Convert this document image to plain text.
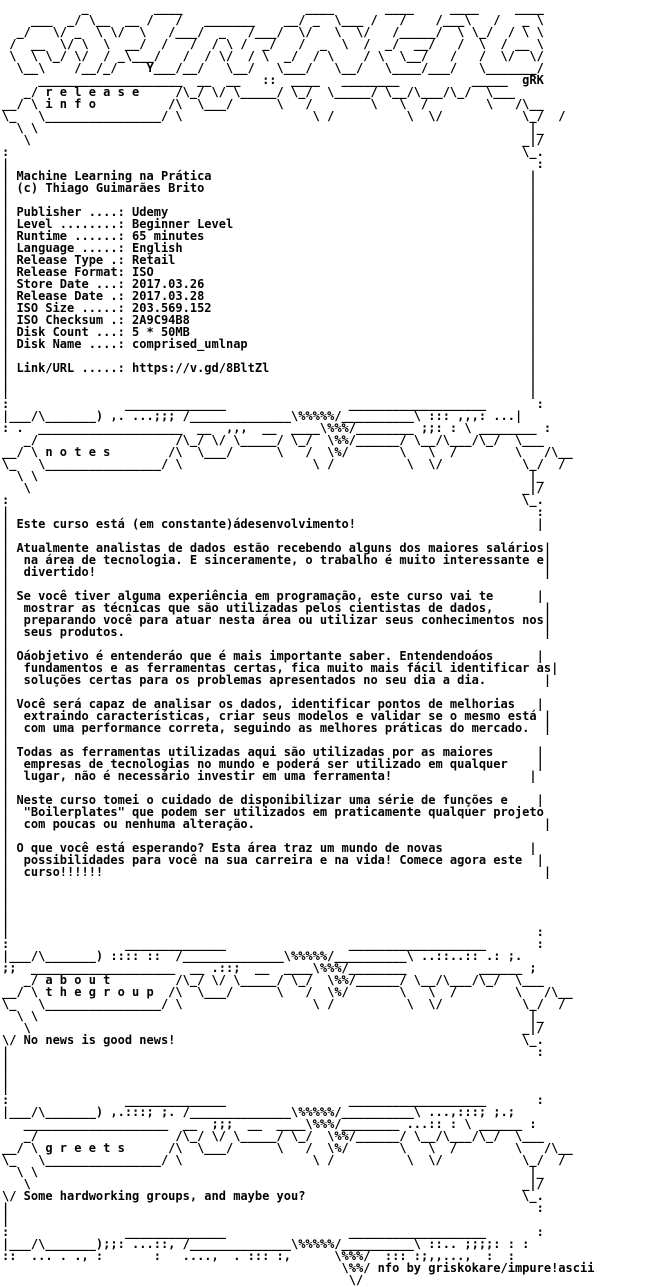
_         ____                 ____       ____     ____     ____
___  _/ \__  __ /   /   _______    __/ _  \___ /   /    /___\   /   _ \
_/   \/ _  \ \/  \   /___/  _   /___/  \/   \  \/   /_____/  \ \_/  / \ \
/  __  \/ \  \  __/  /   /  / \ /  _/   /  _  \  /  _/  __/   /  \  / __ \
\  \ \_/ \/  / _\___/   /  / \/  / \  _/  / \    / \  \__/   /   /  \/  \/
\__\    /__/_/    Y___/__/   \__/   \___/   \__/   \____/___/   \_______/
____________________  __  __   ::  ____   ________          _____  gRK
_/ r e l e a s e     /\_/ \/ \_____/ \_/  \_____/ \__/\___/\_/  \___
__/ \ i n f o          /\  \___/      \   /        \   \  /        \   /\__
\_   \________________/ \                  \ /          \  \/           \_/  /
\ \                                                                    |_
\                                                                    _|/
:                                                                       \_.
|                                                                         :
| Machine Learning na Prática                                            |
| (c) Thiago Guimarães Brito                                             |
|                                                                        |
| Publisher ....: Udemy                                                  |
| Level ........: Beginner Level                                         |
| Runtime ......: 65 minutes                                             |
| Language .....: English                                                |
| Release Type .: Retail                                                 |
| Release Format: ISO                                                    |
| Store Date ...: 2017.03.26                                             |
| Release Date .: 2017.03.28                                             |
| ISO Size .....: 203.569.152                                            |
| ISO Checksum .: 2A9C94B8                                               |
| Disk Count ...: 5 * 50MB                                               |
| Disk Name ....: comprised_umlnap                                       |
|                                                                        |
| Link/URL .....: https://v.gd/8BltZl                                    |
|                                                                        |
|                                                                        |
:                ______________                 ___________________       :
|___/\_______) ,. ...;;; /______________\%%%%%/__________\ ::: ,,,: ...|
: .  ____________________  __  ,,,  __  ____\%%%/________ ;;: : \ ________ :
_/                   /\_/ \/ \_____/ \_/  \%%/______/ \__/\___/\_/  \___
__/ \ n o t e s        /\  \___/      \   /  \%/       \   \  /        \   /\__
\_   \________________/ \                  \ /          \  \/           \_/  /
\ \                                                                    |_
\                                                                    _|/
:                                                                       \_.
|                                                                         :
| Este curso está (em constante)ádesenvolvimento!                         |
|
| Atualmente analistas de dados estão recebendo alguns dos maiores salários|
|  na área de tecnologia. E sinceramente, o trabalho é muito interessante e|
|  divertido!                                                              |
|
| Se você tiver alguma experiência em programação, este curso vai te      |
|  mostrar as técnicas que são utilizadas pelos cientistas de dados,       |
|  preparando você para atuar nesta área ou utilizar seus conhecimentos nos|
|  seus produtos.                                                          |
|
| Oáobjetivo é entenderáo que é mais importante saber. Entendendoáos      |
|  fundamentos e as ferramentas certas, fica muito mais fácil identificar as|
|  soluções certas para os problemas apresentados no seu dia a dia.        |
|
| Você será capaz de analisar os dados, identificar pontos de melhorias   |
|  extraindo características, criar seus modelos e validar se o mesmo está |
|  com uma performance correta, seguindo as melhores práticas do mercado.  |
|
| Todas as ferramentas utilizadas aqui são utilizadas por as maiores      |
|  empresas de tecnologias no mundo e poderá ser utilizado em qualquer    |
|  lugar, não é necessário investir em uma ferramenta!                   |
|
| Neste curso tomei o cuidado de disponibilizar uma série de funções e    |
|  "Boilerplates" que podem ser utilizados em praticamente qualquer projeto
|  com poucas ou nenhuma alteração.                                        |
|
| O que você está esperando? Esta área traz um mundo de novas            |
|  possibilidades para você na sua carreira e na vida! Comece agora este  |
|  curso!!!!!!                                                             |
|
|
|
|
|                                                                         :
:                ______________                 ___________________       :
|___/\_______) :::: ::  /______________\%%%%%/__________\ ..::..:: .: ;.
;;  ____________________  __ .::;  __  ____\%%%/________          ______ ;
_/ a b o u t         /\_/ \/ \_____/ \_/  \%%/______/ \__/\___/\_/  \___
__/ \ t h e g r o u p  /\  \___/      \   /  \%/       \   \  /        \   /\__
\_   \________________/ \                  \ /          \  \/           \_/  /
\ \                                                                    |_
\                                                                    _|/
\/ No news is good news!                                                \_.
|                                                                         :
|
|
|
:                ______________                 ___________________       :
|___/\_______) ,.:::; ;. /______________\%%%%%/__________\ ...,:::; ;.;
____________________  __  ;;;  __  ____\%%%/________ ...:: : \ ______ :
_/                   /\_/ \/ \_____/ \_/  \%%/______/ \__/\___/\_/  \___
__/ \ g r e e t s      /\  \___/      \   /  \%/       \   \  /        \   /\__
\_   \________________/ \                  \ /          \  \/           \_/  /
\ \                                                                    |_
\                                                                    _|/
\/ Some hardworking groups, and maybe you?                              \_.
|                                                                         :
|
:                ______________                 ___________________       :
|___/\_______);;: ...::, /______________\%%%%%/__________\ ::.. ;;;;: : :
::  ... . ., :       :   ....,  . ::: :,      \%%%/  ::: :;,,...,  :  :
\%%/ nfo by griskokare/impure!ascii
\/
